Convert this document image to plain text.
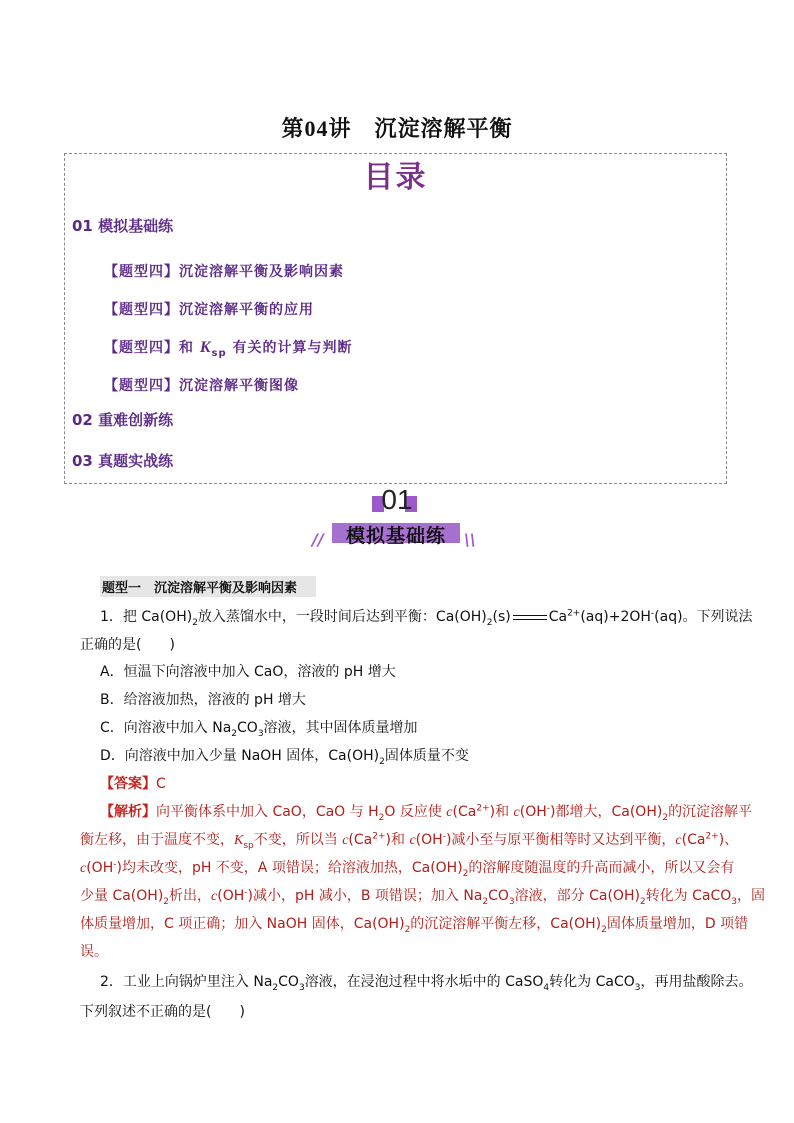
第04讲　沉淀溶解平衡
目录
01 模拟基础练
【题型四】沉淀溶解平衡及影响因素
【题型四】沉淀溶解平衡的应用
【题型四】和 $K_{sp}$ 有关的计算与判断
【题型四】沉淀溶解平衡图像
02 重难创新练
03 真题实战练
01
模拟基础练
//	\\
题型一　沉淀溶解平衡及影响因素
1．把 $Ca(OH)_2$放入蒸馏水中，一段时间后达到平衡：$Ca(OH)_2(s)$	$Ca^{2+}(aq)+2OH^-(aq)$。下列说法
正确的是(　　)
A．恒温下向溶液中加入 CaO，溶液的 pH 增大
B．给溶液加热，溶液的 pH 增大
C．向溶液中加入 $Na_2CO_3$溶液，其中固体质量增加
D．向溶液中加入少量 NaOH 固体，$Ca(OH)_2$固体质量不变
【答案】C
【解析】向平衡体系中加入 CaO，CaO 与 $H_2O$ 反应使 $c(Ca^{2+})$和 c(OH-)都增大，$Ca(OH)_2$的沉淀溶解平
衡左移，由于温度不变，$K_{sp}$不变，所以当 $c(Ca^{2+})$和 c(OH-)减小至与原平衡相等时又达到平衡，$c(Ca^{2+})$、
c(OH-)均未改变，pH 不变，A 项错误；给溶液加热，$Ca(OH)_2$的溶解度随温度的升高而减小，所以又会有
少量 $Ca(OH)_2$析出，c(OH-)减小，pH 减小，B 项错误；加入 $Na_2CO_3$溶液，部分 $Ca(OH)_2$转化为 CaCO$_3$，固
体质量增加，C 项正确；加入 NaOH 固体，$Ca(OH)_2$的沉淀溶解平衡左移，$Ca(OH)_2$固体质量增加，D 项错
误。
2．工业上向锅炉里注入 $Na_2CO_3$溶液，在浸泡过程中将水垢中的 CaSO$_4$转化为 CaCO$_3$，再用盐酸除去。
下列叙述不正确的是(　　)
